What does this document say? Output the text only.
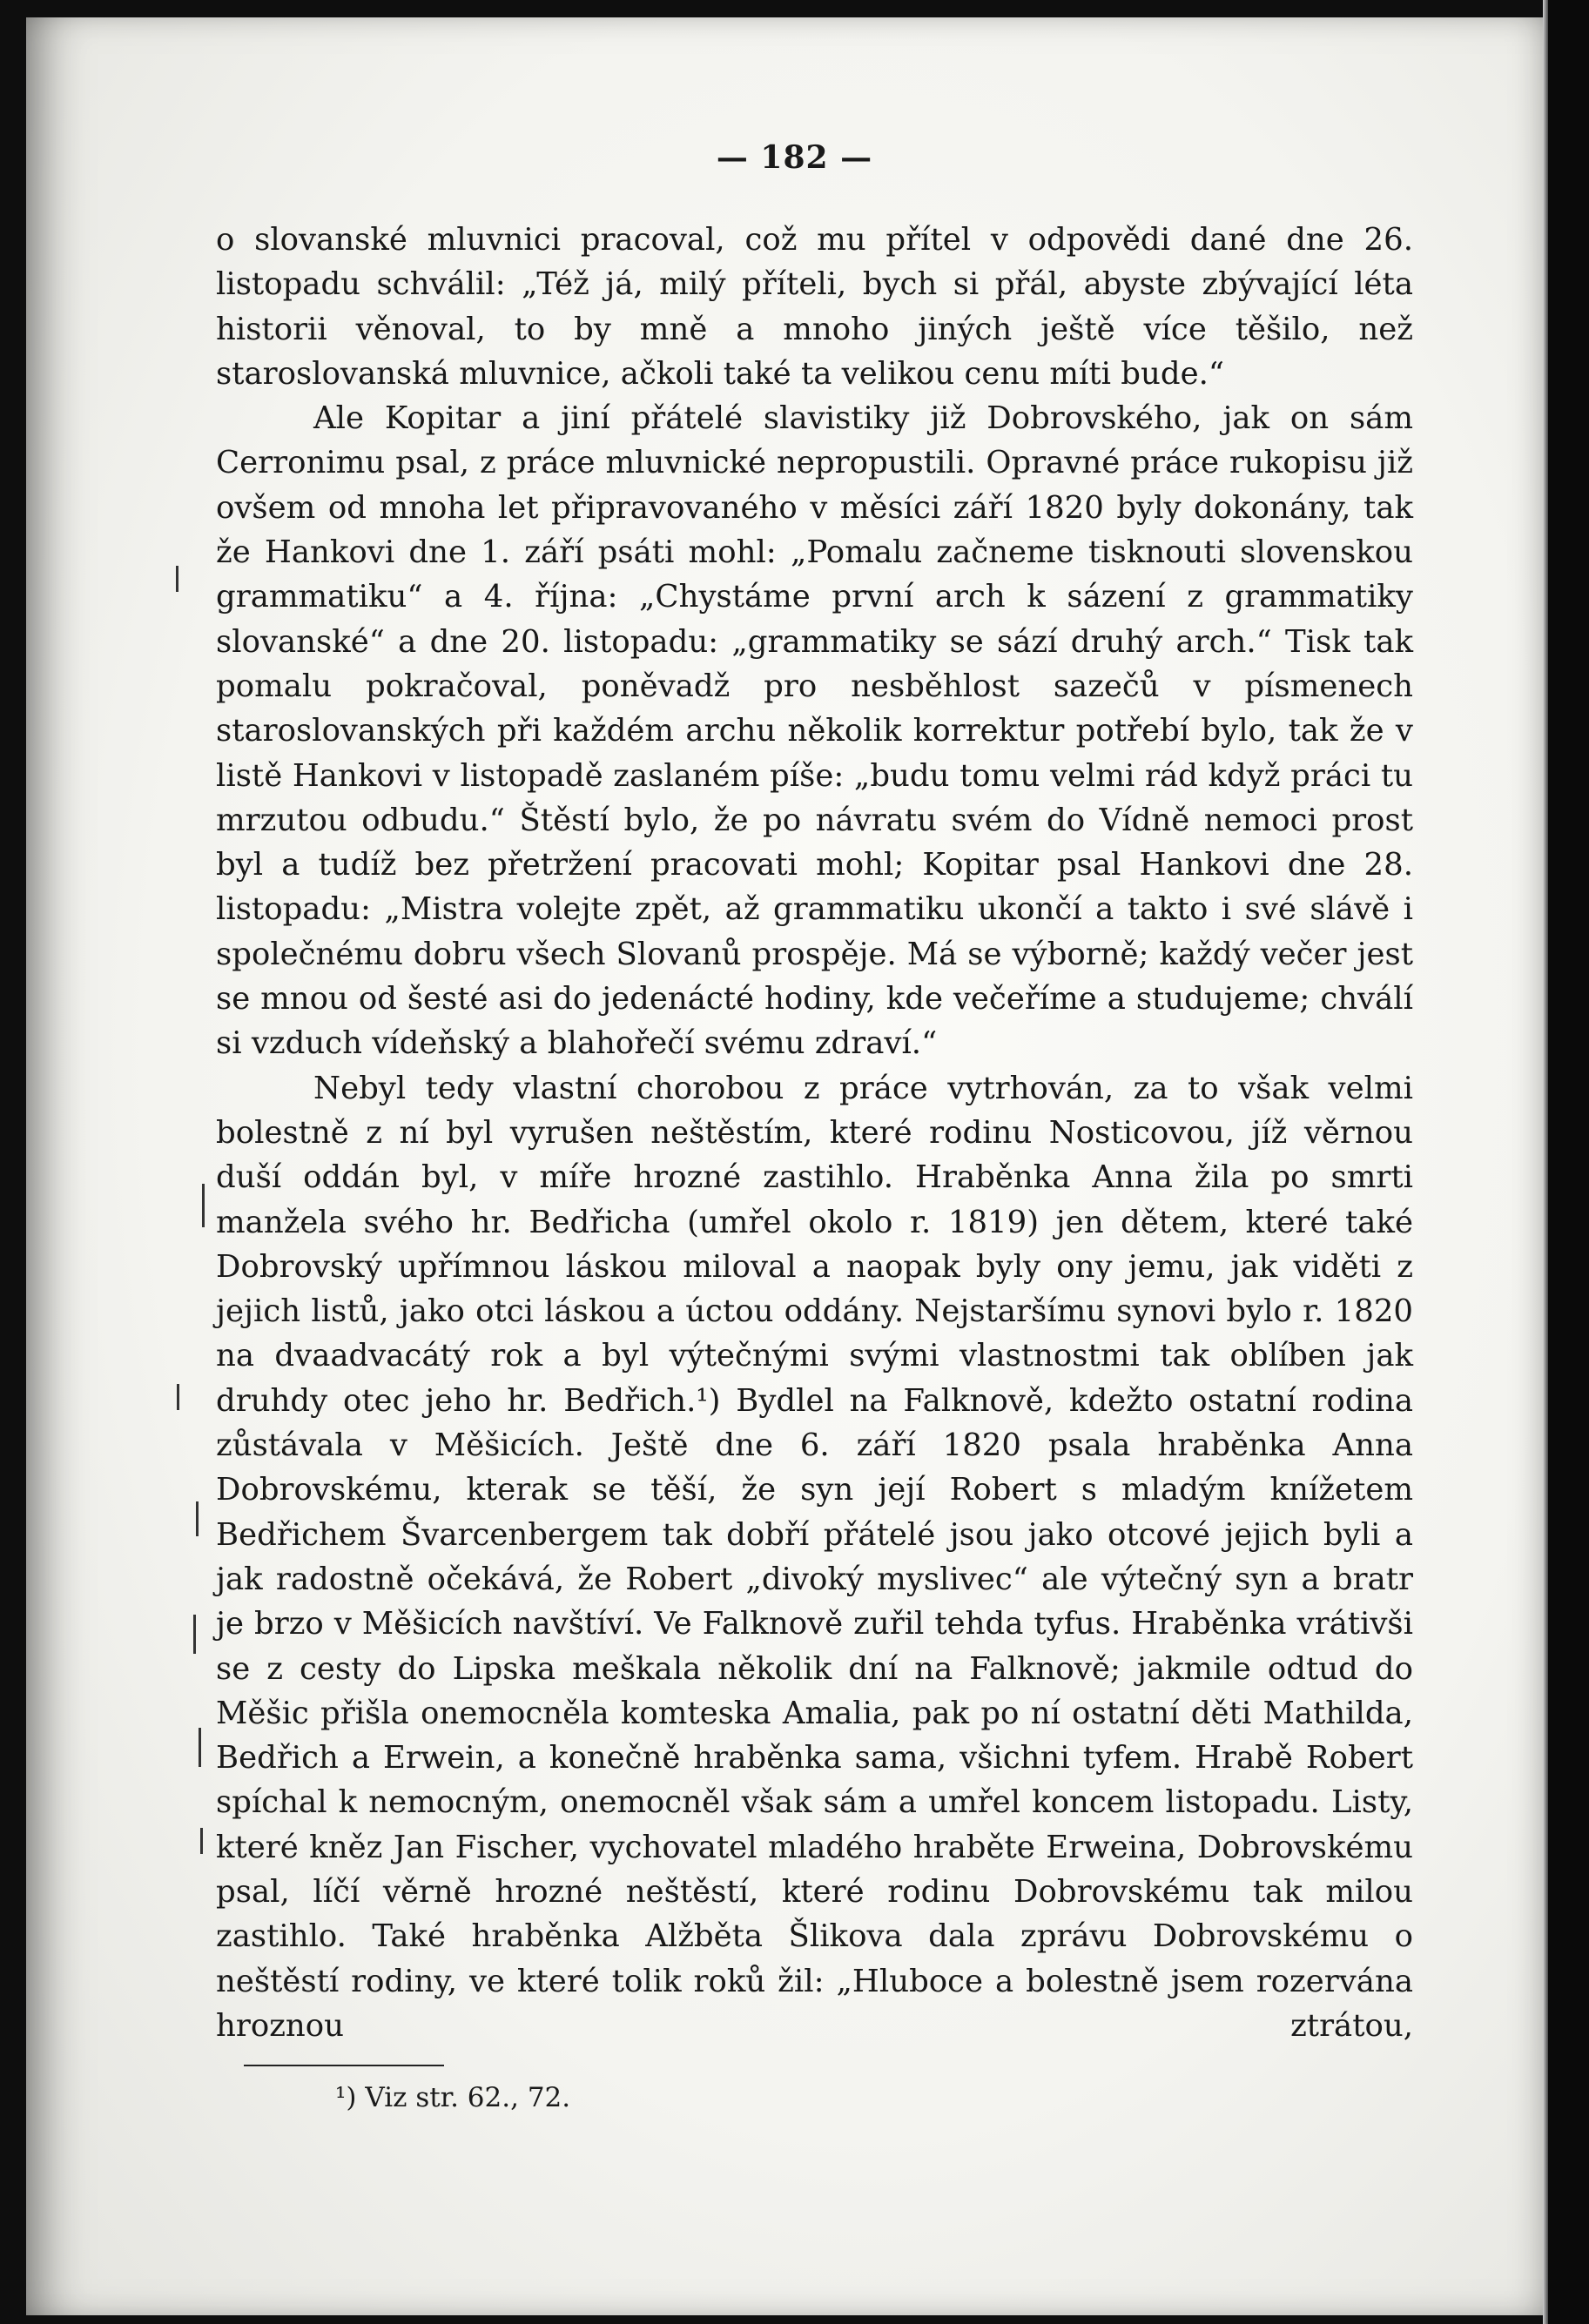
— 182 —

o slovanské mluvnici pracoval, což mu přítel v odpovědi dané dne 26. listopadu schválil: „Též já, milý příteli, bych si přál, abyste zbývající léta historii věnoval, to by mně a mnoho jiných ještě více těšilo, než staroslovanská mluvnice, ačkoli také ta velikou cenu míti bude.“

Ale Kopitar a jiní přátelé slavistiky již Dobrovského, jak on sám Cerronimu psal, z práce mluvnické nepropustili. Opravné práce rukopisu již ovšem od mnoha let připravovaného v měsíci září 1820 byly dokonány, tak že Hankovi dne 1. září psáti mohl: „Pomalu začneme tisknouti slovenskou grammatiku“ a 4. října: „Chystáme první arch k sázení z grammatiky slovanské“ a dne 20. listopadu: „grammatiky se sází druhý arch.“ Tisk tak pomalu pokračoval, poněvadž pro nesběhlost sazečů v písmenech staroslovanských při každém archu několik korrektur potřebí bylo, tak že v listě Hankovi v listopadě zaslaném píše: „budu tomu velmi rád když práci tu mrzutou odbudu.“ Štěstí bylo, že po návratu svém do Vídně nemoci prost byl a tudíž bez přetržení pracovati mohl; Kopitar psal Hankovi dne 28. listopadu: „Mistra volejte zpět, až grammatiku ukončí a takto i své slávě i společnému dobru všech Slovanů prospěje. Má se výborně; každý večer jest se mnou od šesté asi do jedenácté hodiny, kde večeříme a studujeme; chválí si vzduch vídeňský a blahořečí svému zdraví.“

Nebyl tedy vlastní chorobou z práce vytrhován, za to však velmi bolestně z ní byl vyrušen neštěstím, které rodinu Nosticovou, jíž věrnou duší oddán byl, v míře hrozné zastihlo. Hraběnka Anna žila po smrti manžela svého hr. Bedřicha (umřel okolo r. 1819) jen dětem, které také Dobrovský upřímnou láskou miloval a naopak byly ony jemu, jak viděti z jejich listů, jako otci láskou a úctou oddány. Nejstaršímu synovi bylo r. 1820 na dvaadvacátý rok a byl výtečnými svými vlastnostmi tak oblíben jak druhdy otec jeho hr. Bedřich.¹) Bydlel na Falknově, kdežto ostatní rodina zůstávala v Měšicích. Ještě dne 6. září 1820 psala hraběnka Anna Dobrovskému, kterak se těší, že syn její Robert s mladým knížetem Bedřichem Švarcenbergem tak dobří přátelé jsou jako otcové jejich byli a jak radostně očekává, že Robert „divoký myslivec“ ale výtečný syn a bratr je brzo v Měšicích navštíví. Ve Falknově zuřil tehda tyfus. Hraběnka vrátivši se z cesty do Lipska meškala několik dní na Falknově; jakmile odtud do Měšic přišla onemocněla komteska Amalia, pak po ní ostatní děti Mathilda, Bedřich a Erwein, a konečně hraběnka sama, všichni tyfem. Hrabě Robert spíchal k nemocným, onemocněl však sám a umřel koncem listopadu. Listy, které kněz Jan Fischer, vychovatel mladého hraběte Erweina, Dobrovskému psal, líčí věrně hrozné neštěstí, které rodinu Dobrovskému tak milou zastihlo. Také hraběnka Alžběta Šlikova dala zprávu Dobrovskému o neštěstí rodiny, ve které tolik roků žil: „Hluboce a bolestně jsem rozervána hroznou ztrátou,

¹) Viz str. 62., 72.
